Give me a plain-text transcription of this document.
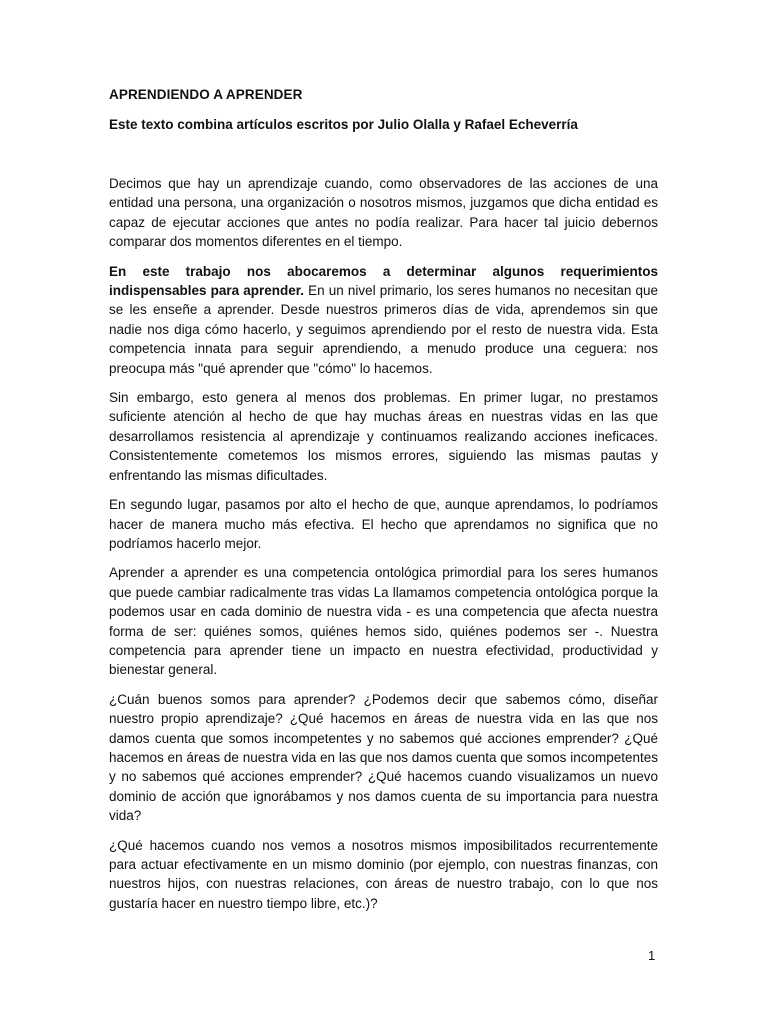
APRENDIENDO A APRENDER
Este texto combina artículos escritos por Julio Olalla y Rafael Echeverría

Decimos que hay un aprendizaje cuando, como observadores de las acciones de una entidad una persona, una organización o nosotros mismos, juzgamos que dicha entidad es capaz de ejecutar acciones que antes no podía realizar. Para hacer tal juicio debernos comparar dos momentos diferentes en el tiempo.

En este trabajo nos abocaremos a determinar algunos requerimientos indispensables para aprender. En un nivel primario, los seres humanos no necesitan que se les enseñe a aprender. Desde nuestros primeros días de vida, aprendemos sin que nadie nos diga cómo hacerlo, y seguimos aprendiendo por el resto de nuestra vida. Esta competencia innata para seguir aprendiendo, a menudo produce una ceguera: nos preocupa más "qué aprender que "cómo" lo hacemos.

Sin embargo, esto genera al menos dos problemas. En primer lugar, no prestamos suficiente atención al hecho de que hay muchas áreas en nuestras vidas en las que desarrollamos resistencia al aprendizaje y continuamos realizando acciones ineficaces. Consistentemente cometemos los mismos errores, siguiendo las mismas pautas y enfrentando las mismas dificultades.

En segundo lugar, pasamos por alto el hecho de que, aunque aprendamos, lo podríamos hacer de manera mucho más efectiva. El hecho que aprendamos no significa que no podríamos hacerlo mejor.

Aprender a aprender es una competencia ontológica primordial para los seres humanos que puede cambiar radicalmente tras vidas La llamamos competencia ontológica porque la podemos usar en cada dominio de nuestra vida - es una competencia que afecta nuestra forma de ser: quiénes somos, quiénes hemos sido, quiénes podemos ser -. Nuestra competencia para aprender tiene un impacto en nuestra efectividad, productividad y bienestar general.

¿Cuán buenos somos para aprender? ¿Podemos decir que sabemos cómo, diseñar nuestro propio aprendizaje? ¿Qué hacemos en áreas de nuestra vida en las que nos damos cuenta que somos incompetentes y no sabemos qué acciones emprender? ¿Qué hacemos en áreas de nuestra vida en las que nos damos cuenta que somos incompetentes y no sabemos qué acciones emprender? ¿Qué hacemos cuando visualizamos un nuevo dominio de acción que ignorábamos y nos damos cuenta de su importancia para nuestra vida?

¿Qué hacemos cuando nos vemos a nosotros mismos imposibilitados recurrentemente para actuar efectivamente en un mismo dominio (por ejemplo, con nuestras finanzas, con nuestros hijos, con nuestras relaciones, con áreas de nuestro trabajo, con lo que nos gustaría hacer en nuestro tiempo libre, etc.)?

1
